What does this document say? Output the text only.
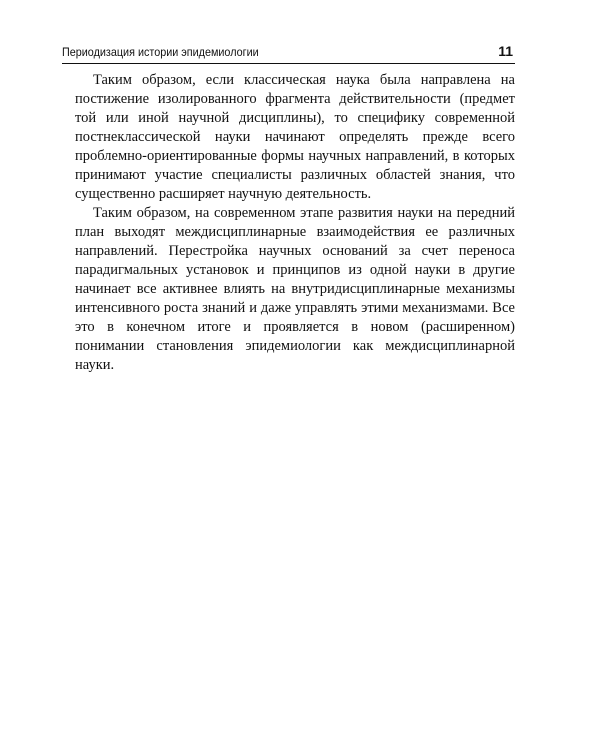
Периодизация истории эпидемиологии	11

Таким образом, если классическая наука была направлена на постижение изолированного фрагмента действительности (предмет той или иной научной дисциплины), то специфику современной постнеклассической науки начинают определять прежде всего проблемно-ориентированные формы научных направлений, в которых принимают участие специалисты различных областей знания, что существенно расширяет научную деятельность.

Таким образом, на современном этапе развития науки на передний план выходят междисциплинарные взаимодействия ее различных направлений. Перестройка научных оснований за счет переноса парадигмальных установок и принципов из одной науки в другие начинает все активнее влиять на внутридисциплинарные механизмы интенсивного роста знаний и даже управлять этими механизмами. Все это в конечном итоге и проявляется в новом (расширенном) понимании становления эпидемиологии как междисциплинарной науки.
